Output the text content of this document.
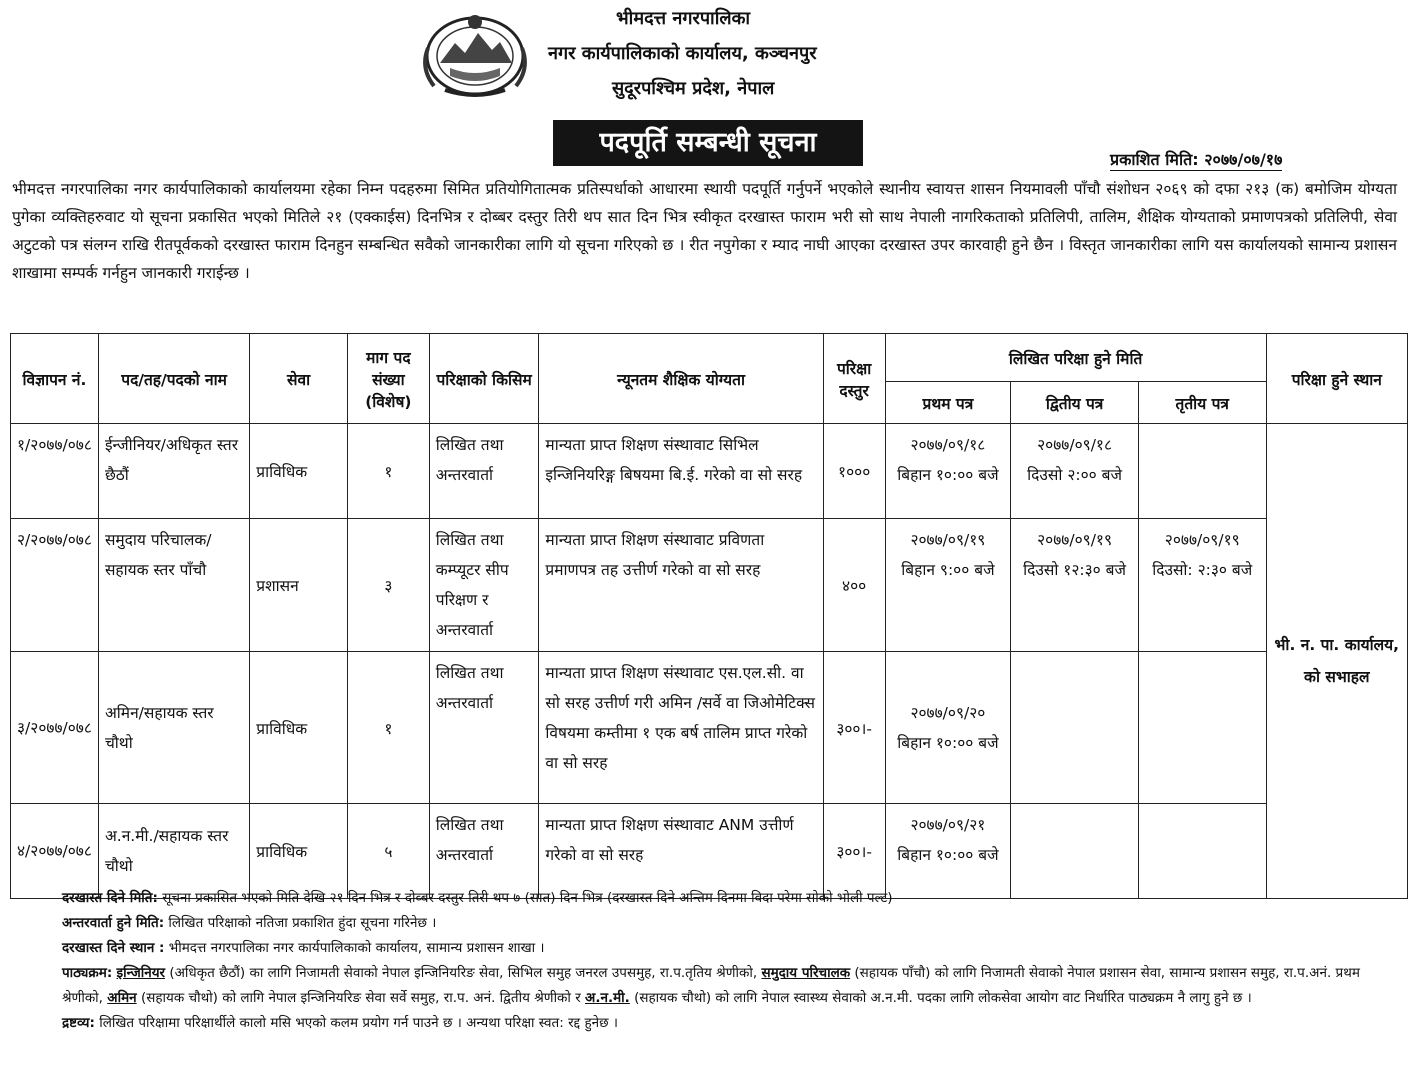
भीमदत्त नगरपालिका
नगर कार्यपालिकाको कार्यालय, कञ्चनपुर
सुदूरपश्चिम प्रदेश, नेपाल
पदपूर्ति सम्बन्धी सूचना
प्रकाशित मिति: २०७७/०७/१७
भीमदत्त नगरपालिका नगर कार्यपालिकाको कार्यालयमा रहेका निम्न पदहरुमा सिमित प्रतियोगितात्मक प्रतिस्पर्धाको आधारमा स्थायी पदपूर्ति गर्नुपर्ने भएकोले स्थानीय स्वायत्त शासन नियमावली पाँचौ संशोधन २०६९ को दफा २१३ (क) बमोजिम योग्यता पुगेका व्यक्तिहरुवाट यो सूचना प्रकासित भएको मितिले २१ (एक्काईस) दिनभित्र र दोब्बर दस्तुर तिरी थप सात दिन भित्र स्वीकृत दरखास्त फाराम भरी सो साथ नेपाली नागरिकताको प्रतिलिपी, तालिम, शैक्षिक योग्यताको प्रमाणपत्रको प्रतिलिपी, सेवा अटुटको पत्र संलग्न राखि रीतपूर्वकको दरखास्त फाराम दिनहुन सम्बन्धित सवैको जानकारीका लागि यो सूचना गरिएको छ । रीत नपुगेका र म्याद नाघी आएका दरखास्त उपर कारवाही हुने छैन । विस्तृत जानकारीका लागि यस कार्यालयको सामान्य प्रशासन शाखामा सम्पर्क गर्नहुन जानकारी गराईन्छ ।
विज्ञापन नं.	पद/तह/पदको नाम	सेवा	माग पद संख्या (विशेष)	परिक्षाको किसिम	न्यूनतम शैक्षिक योग्यता	परिक्षा दस्तुर	लिखित परिक्षा हुने मिति			परिक्षा हुने स्थान
							प्रथम पत्र	द्वितीय पत्र	तृतीय पत्र	
१/२०७७/०७८	ईन्जीनियर/अधिकृत स्तर छैठौं	प्राविधिक	१	लिखित तथा अन्तरवार्ता	मान्यता प्राप्त शिक्षण संस्थावाट सिभिल इन्जिनियरिङ्ग बिषयमा बि.ई. गरेको वा सो सरह	१०००	२०७७/०९/१८ बिहान १०:०० बजे	२०७७/०९/१८ दिउसो २:०० बजे		भी. न. पा. कार्यालय, को सभाहल
२/२०७७/०७८	समुदाय परिचालक/सहायक स्तर पाँचौ	प्रशासन	३	लिखित तथा कम्प्यूटर सीप परिक्षण र अन्तरवार्ता	मान्यता प्राप्त शिक्षण संस्थावाट प्रविणता प्रमाणपत्र तह उत्तीर्ण गरेको वा सो सरह	४००	२०७७/०९/१९ बिहान ९:०० बजे	२०७७/०९/१९ दिउसो १२:३० बजे	२०७७/०९/१९ दिउसो: २:३० बजे	
३/२०७७/०७८	अमिन/सहायक स्तर चौथो	प्राविधिक	१	लिखित तथा अन्तरवार्ता	मान्यता प्राप्त शिक्षण संस्थावाट एस.एल.सी. वा सो सरह उत्तीर्ण गरी अमिन /सर्वे वा जिओमेटिक्स विषयमा कम्तीमा १ एक बर्ष तालिम प्राप्त गरेको वा सो सरह	३००।-	२०७७/०९/२० बिहान १०:०० बजे			
४/२०७७/०७८	अ.न.मी./सहायक स्तर चौथो	प्राविधिक	५	लिखित तथा अन्तरवार्ता	मान्यता प्राप्त शिक्षण संस्थावाट ANM उत्तीर्ण गरेको वा सो सरह	३००।-	२०७७/०९/२१ बिहान १०:०० बजे			
दरखास्त दिने मिति: सूचना प्रकासित भएको मिति देखि २१ दिन भित्र र दोव्बर दस्तुर तिरी थप ७ (सात) दिन भित्र (दरखास्त दिने अन्तिम दिनमा विदा परेमा सोको भोली पल्ट)
अन्तरवार्ता हुने मिति: लिखित परिक्षाको नतिजा प्रकाशित हुंदा सूचना गरिनेछ ।
दरखास्त दिने स्थान : भीमदत्त नगरपालिका नगर कार्यपालिकाको कार्यालय, सामान्य प्रशासन शाखा ।
पाठ्यक्रम: इन्जिनियर (अधिकृत छैठौं) का लागि निजामती सेवाको नेपाल इन्जिनियरिङ सेवा, सिभिल समुह जनरल उपसमुह, रा.प.तृतिय श्रेणीको, समुदाय परिचालक (सहायक पाँचौ) को लागि निजामती सेवाको नेपाल प्रशासन सेवा, सामान्य प्रशासन समुह, रा.प.अनं. प्रथम श्रेणीको, अमिन (सहायक चौथो) को लागि नेपाल इन्जिनियरिङ सेवा सर्वे समुह, रा.प. अनं. द्वितीय श्रेणीको र अ.न.मी. (सहायक चौथो) को लागि नेपाल स्वास्थ्य सेवाको अ.न.मी. पदका लागि लोकसेवा आयोग वाट निर्धारित पाठ्यक्रम नै लागु हुने छ ।
द्रष्टव्य: लिखित परिक्षामा परिक्षार्थीले कालो मसि भएको कलम प्रयोग गर्न पाउने छ । अन्यथा परिक्षा स्वत: रद्द हुनेछ ।
